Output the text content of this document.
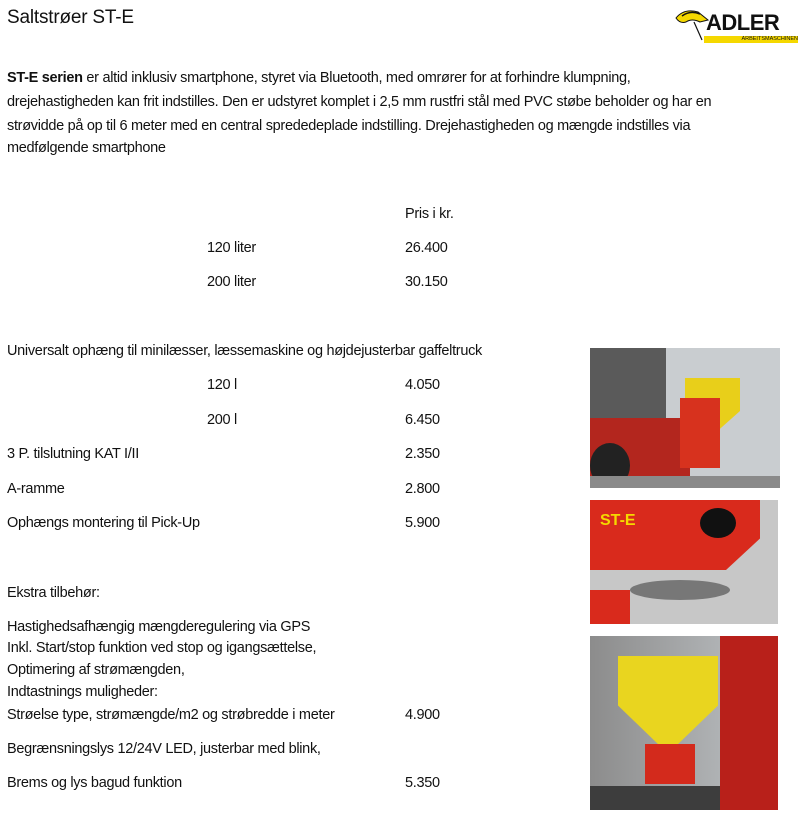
Saltstrøer ST-E	ADLER
ARBEITSMASCHINEN
ST-E serien er altid inklusiv smartphone, styret via Bluetooth, med omrører for at forhindre klumpning,
drejehastigheden kan frit indstilles. Den er udstyret komplet i 2,5 mm rustfri stål med PVC støbe beholder og har en
strøvidde på op til 6 meter med en central sprededeplade indstilling. Drejehastigheden og mængde indstilles via
medfølgende smartphone
Pris i kr.
120 liter	26.400
200 liter	30.150
Universalt ophæng til minilæsser, læssemaskine og højdejusterbar gaffeltruck
120 l	4.050
200 l	6.450
3 P. tilslutning KAT I/II	2.350
A-ramme	2.800
Ophængs montering til Pick-Up	5.900
Ekstra tilbehør:
Hastighedsafhængig mængderegulering via GPS
Inkl. Start/stop funktion ved stop og igangsættelse,
Optimering af strømængden,
Indtastnings muligheder:
Strøelse type, strømængde/m2 og strøbredde i meter	4.900
Begrænsningslys 12/24V LED, justerbar med blink,
Brems og lys bagud funktion	5.350
ST-E
